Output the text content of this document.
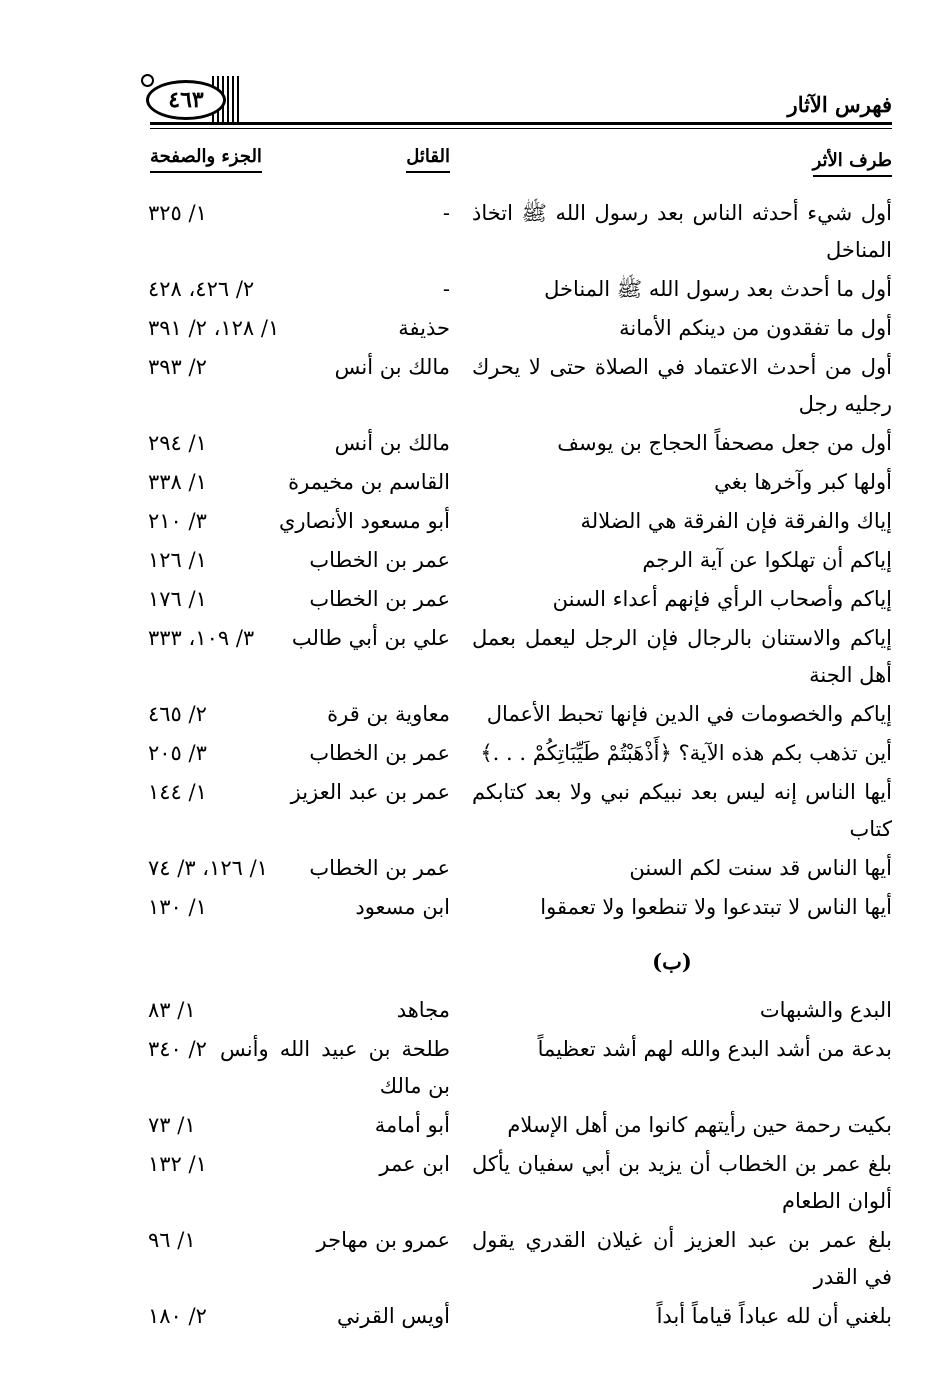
فهرس الآثار
٤٦٣
طرف الأثر
القائل
الجزء والصفحة
أول شيء أحدثه الناس بعد رسول الله ﷺ اتخاذ المناخل
-
١/ ٣٢٥
أول ما أحدث بعد رسول الله ﷺ المناخل
-
٢/ ٤٢٦، ٤٢٨
أول ما تفقدون من دينكم الأمانة
حذيفة
١/ ١٢٨، ٢/ ٣٩١
أول من أحدث الاعتماد في الصلاة حتى لا يحرك رجليه رجل
مالك بن أنس
٢/ ٣٩٣
أول من جعل مصحفاً الحجاج بن يوسف
مالك بن أنس
١/ ٢٩٤
أولها كبر وآخرها بغي
القاسم بن مخيمرة
١/ ٣٣٨
إياك والفرقة فإن الفرقة هي الضلالة
أبو مسعود الأنصاري
٣/ ٢١٠
إياكم أن تهلكوا عن آية الرجم
عمر بن الخطاب
١/ ١٢٦
إياكم وأصحاب الرأي فإنهم أعداء السنن
عمر بن الخطاب
١/ ١٧٦
إياكم والاستنان بالرجال فإن الرجل ليعمل بعمل أهل الجنة
علي بن أبي طالب
٣/ ١٠٩، ٣٣٣
إياكم والخصومات في الدين فإنها تحبط الأعمال
معاوية بن قرة
٢/ ٤٦٥
أين تذهب بكم هذه الآية؟ ﴿أَذْهَبْتُمْ طَيِّبَاتِكُمْ . . .﴾
عمر بن الخطاب
٣/ ٢٠٥
أيها الناس إنه ليس بعد نبيكم نبي ولا بعد كتابكم كتاب
عمر بن عبد العزيز
١/ ١٤٤
أيها الناس قد سنت لكم السنن
عمر بن الخطاب
١/ ١٢٦، ٣/ ٧٤
أيها الناس لا تبتدعوا ولا تنطعوا ولا تعمقوا
ابن مسعود
١/ ١٣٠
(ب)
البدع والشبهات
مجاهد
١/ ٨٣
بدعة من أشد البدع والله لهم أشد تعظيماً
طلحة بن عبيد الله وأنس بن مالك
٢/ ٣٤٠
بكيت رحمة حين رأيتهم كانوا من أهل الإسلام
أبو أمامة
١/ ٧٣
بلغ عمر بن الخطاب أن يزيد بن أبي سفيان يأكل ألوان الطعام
ابن عمر
١/ ١٣٢
بلغ عمر بن عبد العزيز أن غيلان القدري يقول في القدر
عمرو بن مهاجر
١/ ٩٦
بلغني أن لله عباداً قياماً أبداً
أويس القرني
٢/ ١٨٠
